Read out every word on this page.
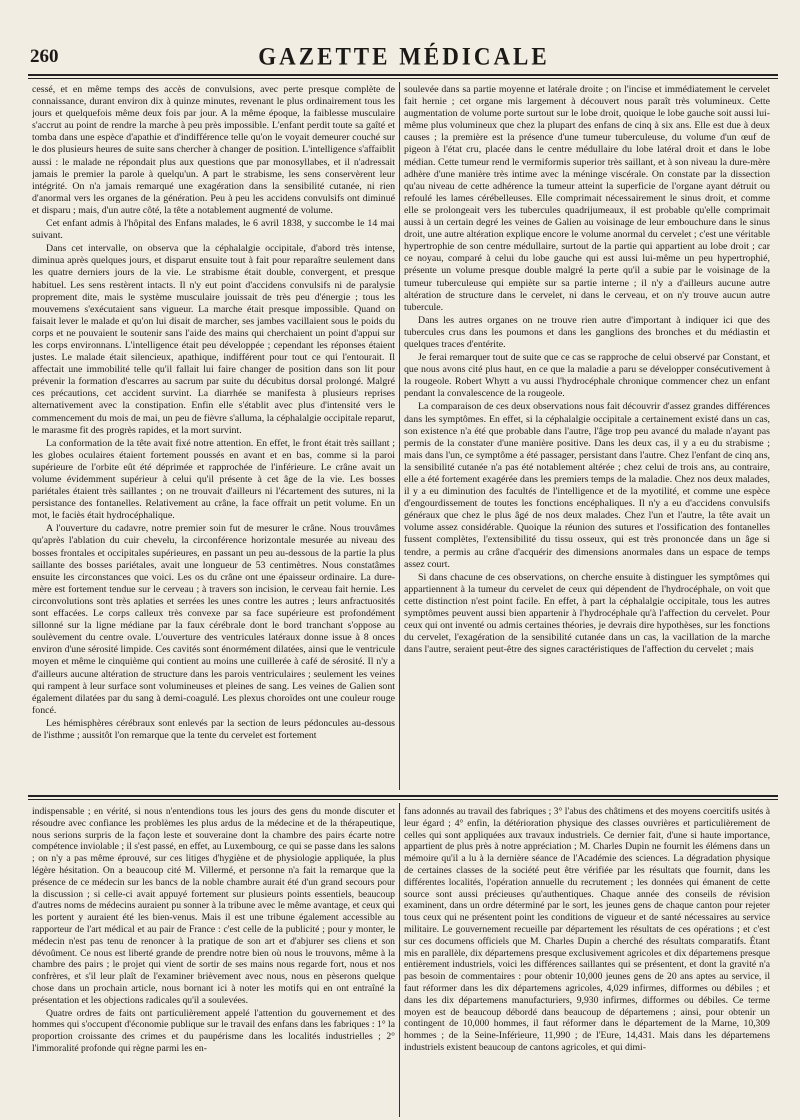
260	GAZETTE MÉDICALE

cessé, et en même temps des accès de convulsions, avec perte presque complète de connaissance, durant environ dix à quinze minutes, revenant le plus ordinairement tous les jours et quelquefois même deux fois par jour. A la même époque, la faiblesse musculaire s'accrut au point de rendre la marche à peu près impossible. L'enfant perdit toute sa gaîté et tomba dans une espèce d'apathie et d'indifférence telle qu'on le voyait demeurer couché sur le dos plusieurs heures de suite sans chercher à changer de position. L'intelligence s'affaiblit aussi : le malade ne répondait plus aux questions que par monosyllabes, et il n'adressait jamais le premier la parole à quelqu'un. A part le strabisme, les sens conservèrent leur intégrité. On n'a jamais remarqué une exagération dans la sensibilité cutanée, ni rien d'anormal vers les organes de la génération. Peu à peu les accidens convulsifs ont diminué et disparu ; mais, d'un autre côté, la tête a notablement augmenté de volume.

Cet enfant admis à l'hôpital des Enfans malades, le 6 avril 1838, y succombe le 14 mai suivant.

Dans cet intervalle, on observa que la céphalalgie occipitale, d'abord très intense, diminua après quelques jours, et disparut ensuite tout à fait pour reparaître seulement dans les quatre derniers jours de la vie. Le strabisme était double, convergent, et presque habituel. Les sens restèrent intacts. Il n'y eut point d'accidens convulsifs ni de paralysie proprement dite, mais le système musculaire jouissait de très peu d'énergie ; tous les mouvemens s'exécutaient sans vigueur. La marche était presque impossible. Quand on faisait lever le malade et qu'on lui disait de marcher, ses jambes vacillaient sous le poids du corps et ne pouvaient le soutenir sans l'aide des mains qui cherchaient un point d'appui sur les corps environnans. L'intelligence était peu développée ; cependant les réponses étaient justes. Le malade était silencieux, apathique, indifférent pour tout ce qui l'entourait. Il affectait une immobilité telle qu'il fallait lui faire changer de position dans son lit pour prévenir la formation d'escarres au sacrum par suite du décubitus dorsal prolongé. Malgré ces précautions, cet accident survint. La diarrhée se manifesta à plusieurs reprises alternativement avec la constipation. Enfin elle s'établit avec plus d'intensité vers le commencement du mois de mai, un peu de fièvre s'alluma, la céphalalgie occipitale reparut, le marasme fit des progrès rapides, et la mort survint.

La conformation de la tête avait fixé notre attention. En effet, le front était très saillant ; les globes oculaires étaient fortement poussés en avant et en bas, comme si la paroi supérieure de l'orbite eût été déprimée et rapprochée de l'inférieure. Le crâne avait un volume évidemment supérieur à celui qu'il présente à cet âge de la vie. Les bosses pariétales étaient très saillantes ; on ne trouvait d'ailleurs ni l'écartement des sutures, ni la persistance des fontanelles. Relativement au crâne, la face offrait un petit volume. En un mot, le faciès était hydrocéphalique.

A l'ouverture du cadavre, notre premier soin fut de mesurer le crâne. Nous trouvâmes qu'après l'ablation du cuir chevelu, la circonférence horizontale mesurée au niveau des bosses frontales et occipitales supérieures, en passant un peu au-dessous de la partie la plus saillante des bosses pariétales, avait une longueur de 53 centimètres. Nous constatâmes ensuite les circonstances que voici. Les os du crâne ont une épaisseur ordinaire. La dure-mère est fortement tendue sur le cerveau ; à travers son incision, le cerveau fait hernie. Les circonvolutions sont très aplaties et serrées les unes contre les autres ; leurs anfractuosités sont effacées. Le corps calleux très convexe par sa face supérieure est profondément sillonné sur la ligne médiane par la faux cérébrale dont le bord tranchant s'oppose au soulèvement du centre ovale. L'ouverture des ventricules latéraux donne issue à 8 onces environ d'une sérosité limpide. Ces cavités sont énormément dilatées, ainsi que le ventricule moyen et même le cinquième qui contient au moins une cuillerée à café de sérosité. Il n'y a d'ailleurs aucune altération de structure dans les parois ventriculaires ; seulement les veines qui rampent à leur surface sont volumineuses et pleines de sang. Les veines de Galien sont également dilatées par du sang à demi-coagulé. Les plexus choroïdes ont une couleur rouge foncé.

Les hémisphères cérébraux sont enlevés par la section de leurs pédoncules au-dessous de l'isthme ; aussitôt l'on remarque que la tente du cervelet est fortement

soulevée dans sa partie moyenne et latérale droite ; on l'incise et immédiatement le cervelet fait hernie ; cet organe mis largement à découvert nous paraît très volumineux. Cette augmentation de volume porte surtout sur le lobe droit, quoique le lobe gauche soit aussi lui-même plus volumineux que chez la plupart des enfans de cinq à six ans. Elle est due à deux causes ; la première est la présence d'une tumeur tuberculeuse, du volume d'un œuf de pigeon à l'état cru, placée dans le centre médullaire du lobe latéral droit et dans le lobe médian. Cette tumeur rend le vermiformis superior très saillant, et à son niveau la dure-mère adhère d'une manière très intime avec la méninge viscérale. On constate par la dissection qu'au niveau de cette adhérence la tumeur atteint la superficie de l'organe ayant détruit ou refoulé les lames cérébelleuses. Elle comprimait nécessairement le sinus droit, et comme elle se prolongeait vers les tubercules quadrijumeaux, il est probable qu'elle comprimait aussi à un certain degré les veines de Galien au voisinage de leur embouchure dans le sinus droit, une autre altération explique encore le volume anormal du cervelet ; c'est une véritable hypertrophie de son centre médullaire, surtout de la partie qui appartient au lobe droit ; car ce noyau, comparé à celui du lobe gauche qui est aussi lui-même un peu hypertrophié, présente un volume presque double malgré la perte qu'il a subie par le voisinage de la tumeur tuberculeuse qui empiète sur sa partie interne ; il n'y a d'ailleurs aucune autre altération de structure dans le cervelet, ni dans le cerveau, et on n'y trouve aucun autre tubercule.

Dans les autres organes on ne trouve rien autre d'important à indiquer ici que des tubercules crus dans les poumons et dans les ganglions des bronches et du médiastin et quelques traces d'entérite.

Je ferai remarquer tout de suite que ce cas se rapproche de celui observé par Constant, et que nous avons cité plus haut, en ce que la maladie a paru se développer consécutivement à la rougeole. Robert Whytt a vu aussi l'hydrocéphale chronique commencer chez un enfant pendant la convalescence de la rougeole.

La comparaison de ces deux observations nous fait découvrir d'assez grandes différences dans les symptômes. En effet, si la céphalalgie occipitale a certainement existé dans un cas, son existence n'a été que probable dans l'autre, l'âge trop peu avancé du malade n'ayant pas permis de la constater d'une manière positive. Dans les deux cas, il y a eu du strabisme ; mais dans l'un, ce symptôme a été passager, persistant dans l'autre. Chez l'enfant de cinq ans, la sensibilité cutanée n'a pas été notablement altérée ; chez celui de trois ans, au contraire, elle a été fortement exagérée dans les premiers temps de la maladie. Chez nos deux malades, il y a eu diminution des facultés de l'intelligence et de la myotilité, et comme une espèce d'engourdissement de toutes les fonctions encéphaliques. Il n'y a eu d'accidens convulsifs généraux que chez le plus âgé de nos deux malades. Chez l'un et l'autre, la tête avait un volume assez considérable. Quoique la réunion des sutures et l'ossification des fontanelles fussent complètes, l'extensibilité du tissu osseux, qui est très prononcée dans un âge si tendre, a permis au crâne d'acquérir des dimensions anormales dans un espace de temps assez court.

Si dans chacune de ces observations, on cherche ensuite à distinguer les symptômes qui appartiennent à la tumeur du cervelet de ceux qui dépendent de l'hydrocéphale, on voit que cette distinction n'est point facile. En effet, à part la céphalalgie occipitale, tous les autres symptômes peuvent aussi bien appartenir à l'hydrocéphale qu'à l'affection du cervelet. Pour ceux qui ont inventé ou admis certaines théories, je devrais dire hypothèses, sur les fonctions du cervelet, l'exagération de la sensibilité cutanée dans un cas, la vacillation de la marche dans l'autre, seraient peut-être des signes caractéristiques de l'affection du cervelet ; mais

indispensable ; en vérité, si nous n'entendions tous les jours des gens du monde discuter et résoudre avec confiance les problèmes les plus ardus de la médecine et de la thérapeutique, nous serions surpris de la façon leste et souveraine dont la chambre des pairs écarte notre compétence inviolable ; il s'est passé, en effet, au Luxembourg, ce qui se passe dans les salons ; on n'y a pas même éprouvé, sur ces litiges d'hygiène et de physiologie appliquée, la plus légère hésitation. On a beaucoup cité M. Villermé, et personne n'a fait la remarque que la présence de ce médecin sur les bancs de la noble chambre aurait été d'un grand secours pour la discussion ; si celle-ci avait appuyé fortement sur plusieurs points essentiels, beaucoup d'autres noms de médecins auraient pu sonner à la tribune avec le même avantage, et ceux qui les portent y auraient été les bien-venus. Mais il est une tribune également accessible au rapporteur de l'art médical et au pair de France : c'est celle de la publicité ; pour y monter, le médecin n'est pas tenu de renoncer à la pratique de son art et d'abjurer ses cliens et son dévoûment. Ce nous est liberté grande de prendre notre bien où nous le trouvons, même à la chambre des pairs ; le projet qui vient de sortir de ses mains nous regarde fort, nous et nos confrères, et s'il leur plaît de l'examiner brièvement avec nous, nous en pèserons quelque chose dans un prochain article, nous bornant ici à noter les motifs qui en ont entraîné la présentation et les objections radicales qu'il a soulevées.

Quatre ordres de faits ont particulièrement appelé l'attention du gouvernement et des hommes qui s'occupent d'économie publique sur le travail des enfans dans les fabriques : 1° la proportion croissante des crimes et du paupérisme dans les localités industrielles ; 2° l'immoralité profonde qui règne parmi les en-

fans adonnés au travail des fabriques ; 3° l'abus des châtimens et des moyens coercitifs usités à leur égard ; 4° enfin, la détérioration physique des classes ouvrières et particulièrement de celles qui sont appliquées aux travaux industriels. Ce dernier fait, d'une si haute importance, appartient de plus près à notre appréciation ; M. Charles Dupin ne fournit les élémens dans un mémoire qu'il a lu à la dernière séance de l'Académie des sciences. La dégradation physique de certaines classes de la société peut être vérifiée par les résultats que fournit, dans les différentes localités, l'opération annuelle du recrutement ; les données qui émanent de cette source sont aussi précieuses qu'authentiques. Chaque année des conseils de révision examinent, dans un ordre déterminé par le sort, les jeunes gens de chaque canton pour rejeter tous ceux qui ne présentent point les conditions de vigueur et de santé nécessaires au service militaire. Le gouvernement recueille par département les résultats de ces opérations ; et c'est sur ces documens officiels que M. Charles Dupin a cherché des résultats comparatifs. Étant mis en parallèle, dix départemens presque exclusivement agricoles et dix départemens presque entièrement industriels, voici les différences saillantes qui se présentent, et dont la gravité n'a pas besoin de commentaires : pour obtenir 10,000 jeunes gens de 20 ans aptes au service, il faut réformer dans les dix départemens agricoles, 4,029 infirmes, difformes ou débiles ; et dans les dix départemens manufacturiers, 9,930 infirmes, difformes ou débiles. Ce terme moyen est de beaucoup débordé dans beaucoup de départemens ; ainsi, pour obtenir un contingent de 10,000 hommes, il faut réformer dans le département de la Marne, 10,309 hommes ; de la Seine-Inférieure, 11,990 ; de l'Eure, 14,431. Mais dans les départemens industriels existent beaucoup de cantons agricoles, et qui dimi-
